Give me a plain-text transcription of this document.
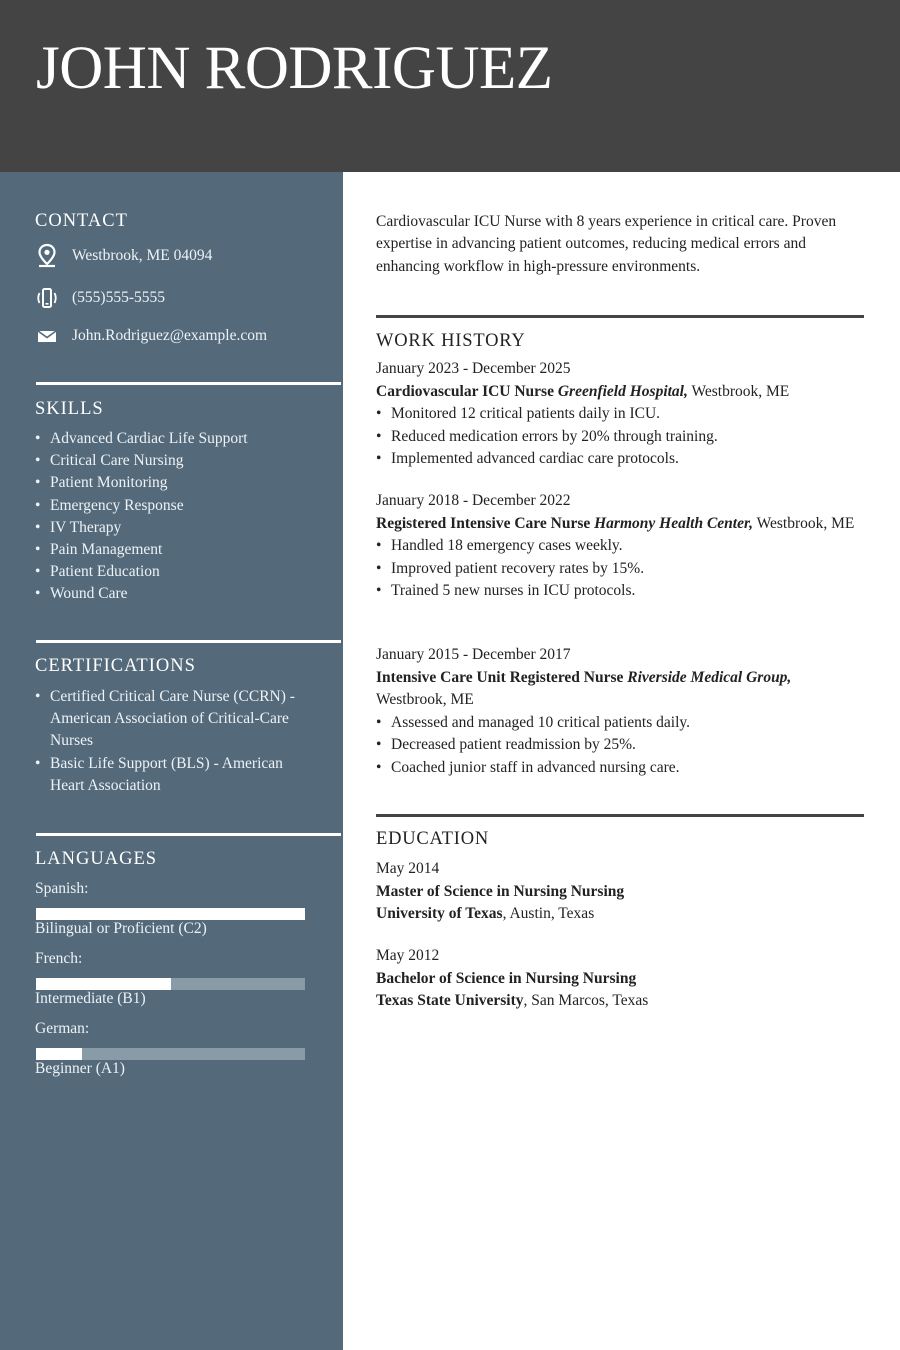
JOHN RODRIGUEZ
CONTACT
Westbrook, ME 04094
(555)555-5555
John.Rodriguez@example.com
SKILLS
• Advanced Cardiac Life Support
• Critical Care Nursing
• Patient Monitoring
• Emergency Response
• IV Therapy
• Pain Management
• Patient Education
• Wound Care
CERTIFICATIONS
• Certified Critical Care Nurse (CCRN) - American Association of Critical-Care Nurses
• Basic Life Support (BLS) - American Heart Association
LANGUAGES
Spanish:
Bilingual or Proficient (C2)
French:
Intermediate (B1)
German:
Beginner (A1)
Cardiovascular ICU Nurse with 8 years experience in critical care. Proven expertise in advancing patient outcomes, reducing medical errors and enhancing workflow in high-pressure environments.
WORK HISTORY
January 2023 - December 2025
Cardiovascular ICU Nurse Greenfield Hospital, Westbrook, ME
• Monitored 12 critical patients daily in ICU.
• Reduced medication errors by 20% through training.
• Implemented advanced cardiac care protocols.
January 2018 - December 2022
Registered Intensive Care Nurse Harmony Health Center, Westbrook, ME
• Handled 18 emergency cases weekly.
• Improved patient recovery rates by 15%.
• Trained 5 new nurses in ICU protocols.
January 2015 - December 2017
Intensive Care Unit Registered Nurse Riverside Medical Group, Westbrook, ME
• Assessed and managed 10 critical patients daily.
• Decreased patient readmission by 25%.
• Coached junior staff in advanced nursing care.
EDUCATION
May 2014
Master of Science in Nursing Nursing
University of Texas, Austin, Texas
May 2012
Bachelor of Science in Nursing Nursing
Texas State University, San Marcos, Texas
